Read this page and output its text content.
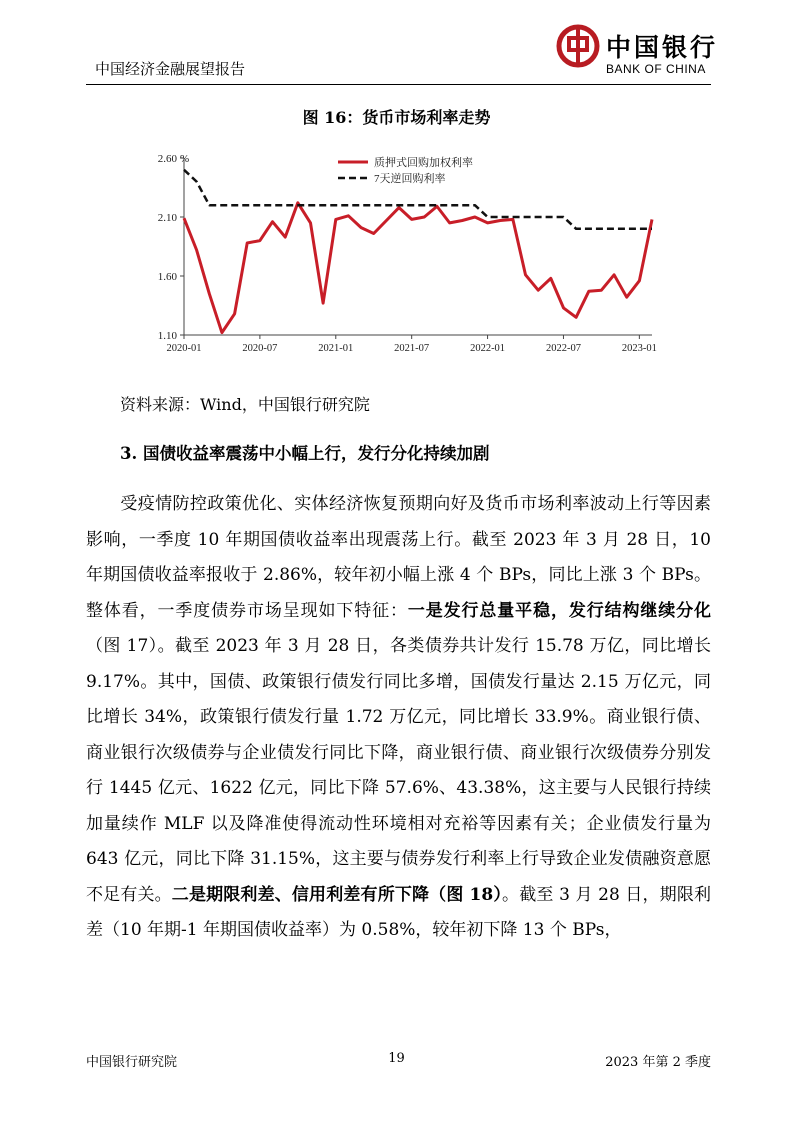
中国经济金融展望报告
中国银行
BANK OF CHINA
图 16：货币市场利率走势
1.10
1.60
2.10
2.60 %
2020-01	2020-07	2021-01	2021-07	2022-01	2022-07	2023-01
质押式回购加权利率
7天逆回购利率
资料来源：Wind，中国银行研究院
3. 国债收益率震荡中小幅上行，发行分化持续加剧

受疫情防控政策优化、实体经济恢复预期向好及货币市场利率波动上行等因素影响，一季度 10 年期国债收益率出现震荡上行。截至 2023 年 3 月 28 日，10 年期国债收益率报收于 2.86%，较年初小幅上涨 4 个 BPs，同比上涨 3 个 BPs。整体看，一季度债券市场呈现如下特征：一是发行总量平稳，发行结构继续分化（图 17）。截至 2023 年 3 月 28 日，各类债券共计发行 15.78 万亿，同比增长 9.17%。其中，国债、政策银行债发行同比多增，国债发行量达 2.15 万亿元，同比增长 34%，政策银行债发行量 1.72 万亿元，同比增长 33.9%。商业银行债、商业银行次级债券与企业债发行同比下降，商业银行债、商业银行次级债券分别发行 1445 亿元、1622 亿元，同比下降 57.6%、43.38%，这主要与人民银行持续加量续作 MLF 以及降准使得流动性环境相对充裕等因素有关；企业债发行量为 643 亿元，同比下降 31.15%，这主要与债券发行利率上行导致企业发债融资意愿不足有关。二是期限利差、信用利差有所下降（图 18）。截至 3 月 28 日，期限利差（10 年期-1 年期国债收益率）为 0.58%，较年初下降 13 个 BPs，

中国银行研究院	19	2023 年第 2 季度
